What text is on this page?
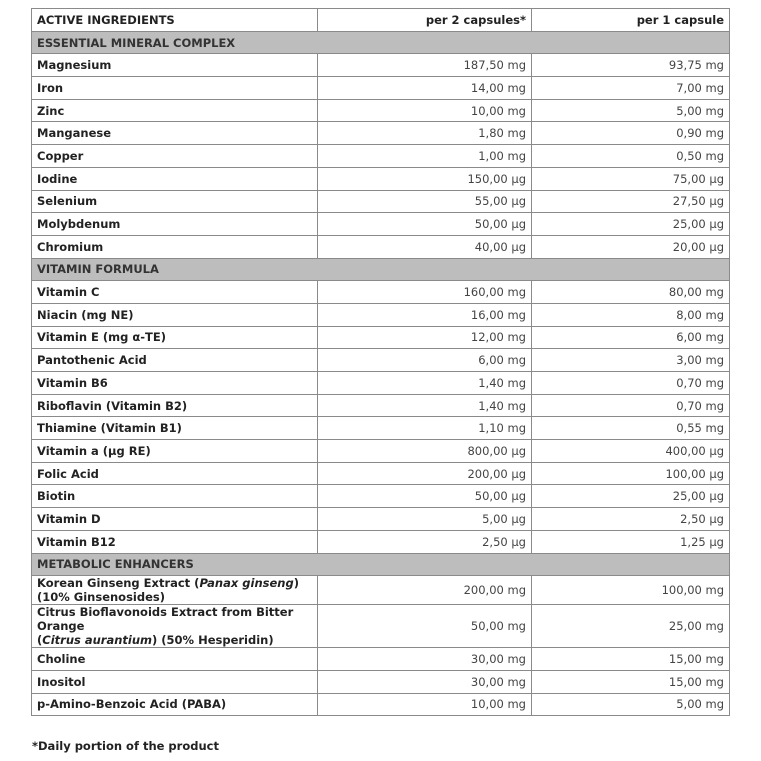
ACTIVE INGREDIENTS	per 2 capsules*	per 1 capsule
ESSENTIAL MINERAL COMPLEX		
Magnesium	187,50 mg	93,75 mg
Iron	14,00 mg	7,00 mg
Zinc	10,00 mg	5,00 mg
Manganese	1,80 mg	0,90 mg
Copper	1,00 mg	0,50 mg
Iodine	150,00 µg	75,00 µg
Selenium	55,00 µg	27,50 µg
Molybdenum	50,00 µg	25,00 µg
Chromium	40,00 µg	20,00 µg
VITAMIN FORMULA		
Vitamin C	160,00 mg	80,00 mg
Niacin (mg NE)	16,00 mg	8,00 mg
Vitamin E (mg α-TE)	12,00 mg	6,00 mg
Pantothenic Acid	6,00 mg	3,00 mg
Vitamin B6	1,40 mg	0,70 mg
Riboflavin (Vitamin B2)	1,40 mg	0,70 mg
Thiamine (Vitamin B1)	1,10 mg	0,55 mg
Vitamin a (µg RE)	800,00 µg	400,00 µg
Folic Acid	200,00 µg	100,00 µg
Biotin	50,00 µg	25,00 µg
Vitamin D	5,00 µg	2,50 µg
Vitamin B12	2,50 µg	1,25 µg
METABOLIC ENHANCERS		
Korean Ginseng Extract (Panax ginseng)
(10% Ginsenosides)	200,00 mg	100,00 mg

Citrus Bioflavonoids Extract from Bitter Orange
(Citrus aurantium) (50% Hesperidin)	50,00 mg	25,00 mg
Choline	30,00 mg	15,00 mg
Inositol	30,00 mg	15,00 mg
p-Amino-Benzoic Acid (PABA)	10,00 mg	5,00 mg
*Daily portion of the product
